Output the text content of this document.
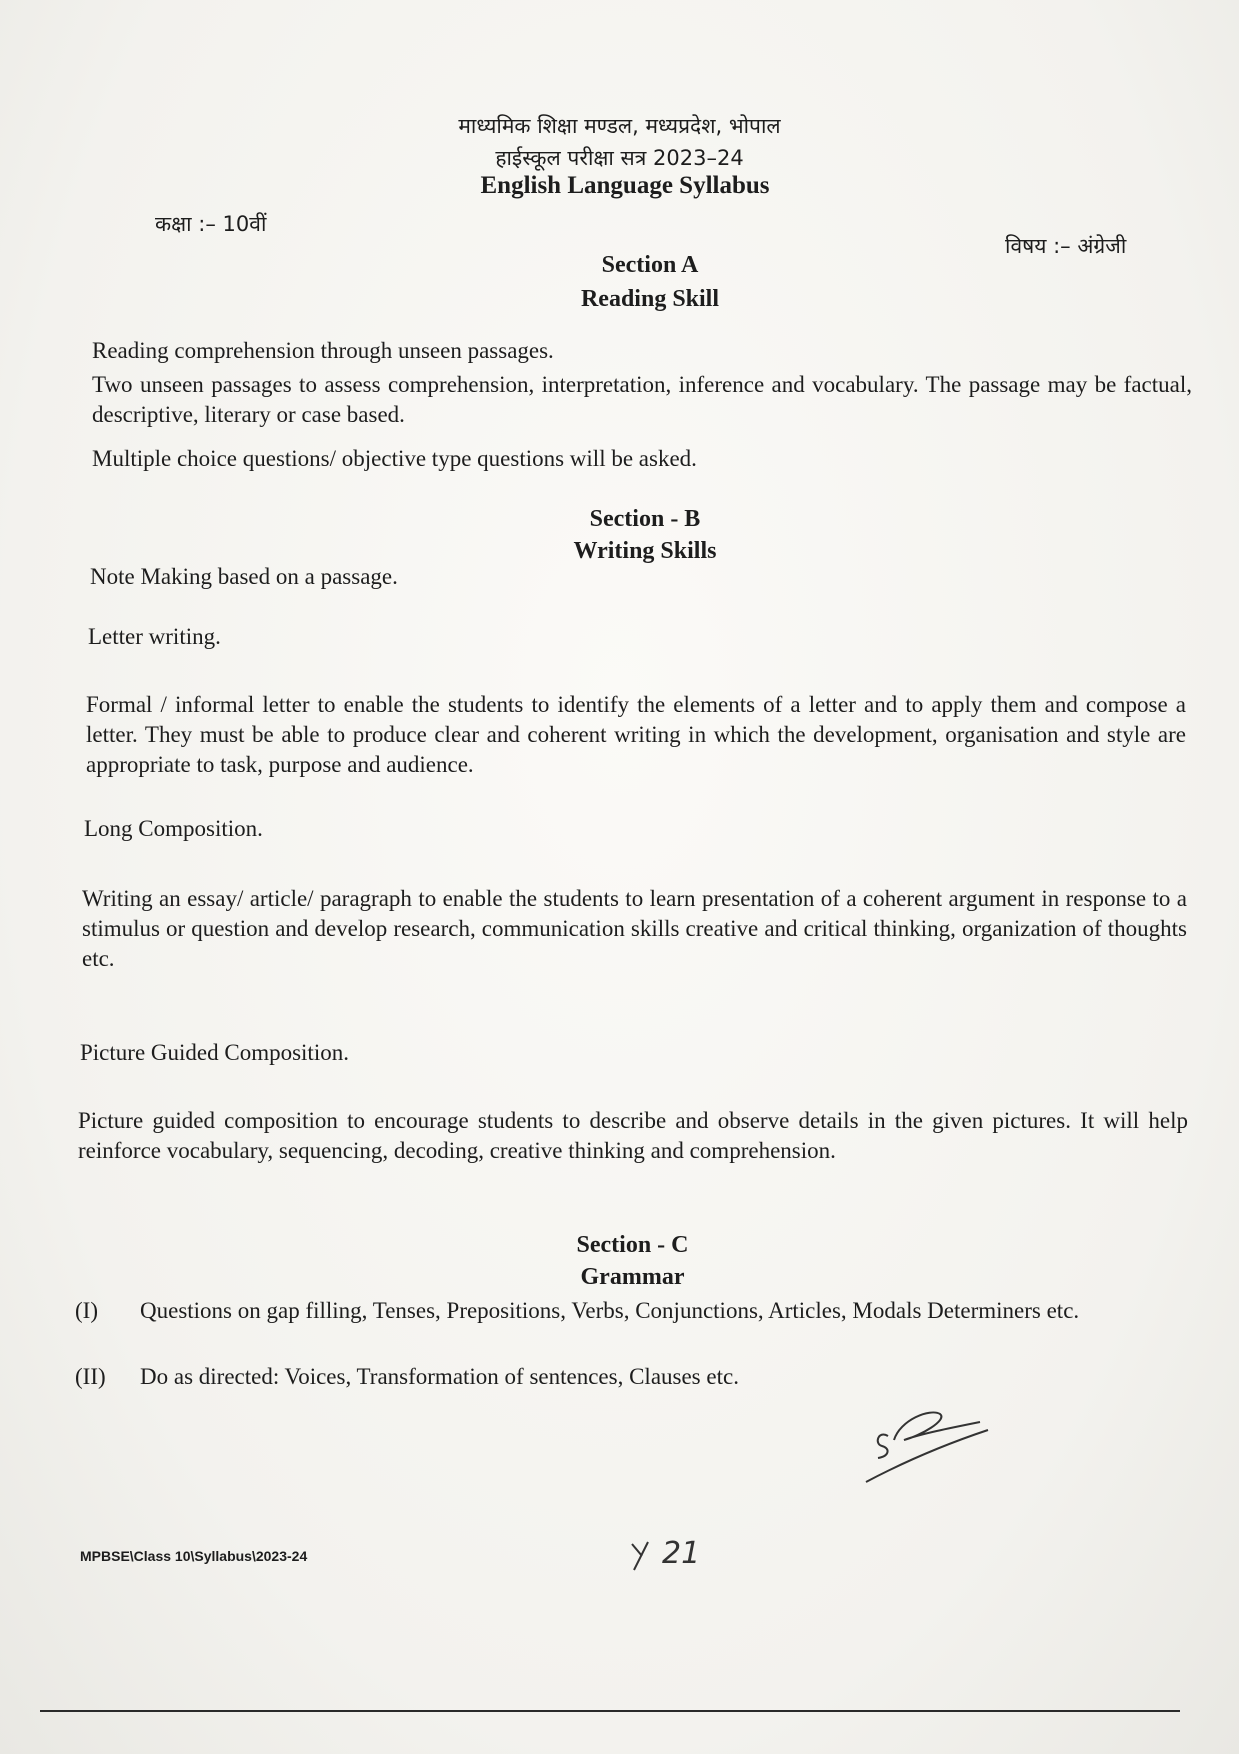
माध्यमिक शिक्षा मण्डल, मध्यप्रदेश, भोपाल
हाईस्कूल परीक्षा सत्र 2023–24
English Language Syllabus
कक्षा :– 10वीं
विषय :– अंग्रेजी
Section A
Reading Skill
Reading comprehension through unseen passages.
Two unseen passages to assess comprehension, interpretation, inference and vocabulary. The passage may be factual, descriptive, literary or case based.
Multiple choice questions/ objective type questions will be asked.
Section - B
Writing Skills
Note Making based on a passage.
Letter writing.
Formal / informal letter to enable the students to identify the elements of a letter and to apply them and compose a letter. They must be able to produce clear and coherent writing in which the development, organisation and style are appropriate to task, purpose and audience.
Long Composition.
Writing an essay/ article/ paragraph to enable the students to learn presentation of a coherent argument in response to a stimulus or question and develop research, communication skills creative and critical thinking, organization of thoughts etc.
Picture Guided Composition.
Picture guided composition to encourage students to describe and observe details in the given pictures. It will help reinforce vocabulary, sequencing, decoding, creative thinking and comprehension.
Section - C
Grammar
(I) Questions on gap filling, Tenses, Prepositions, Verbs, Conjunctions, Articles, Modals Determiners etc.
(II) Do as directed: Voices, Transformation of sentences, Clauses etc.
MPBSE\Class 10\Syllabus\2023-24	21
